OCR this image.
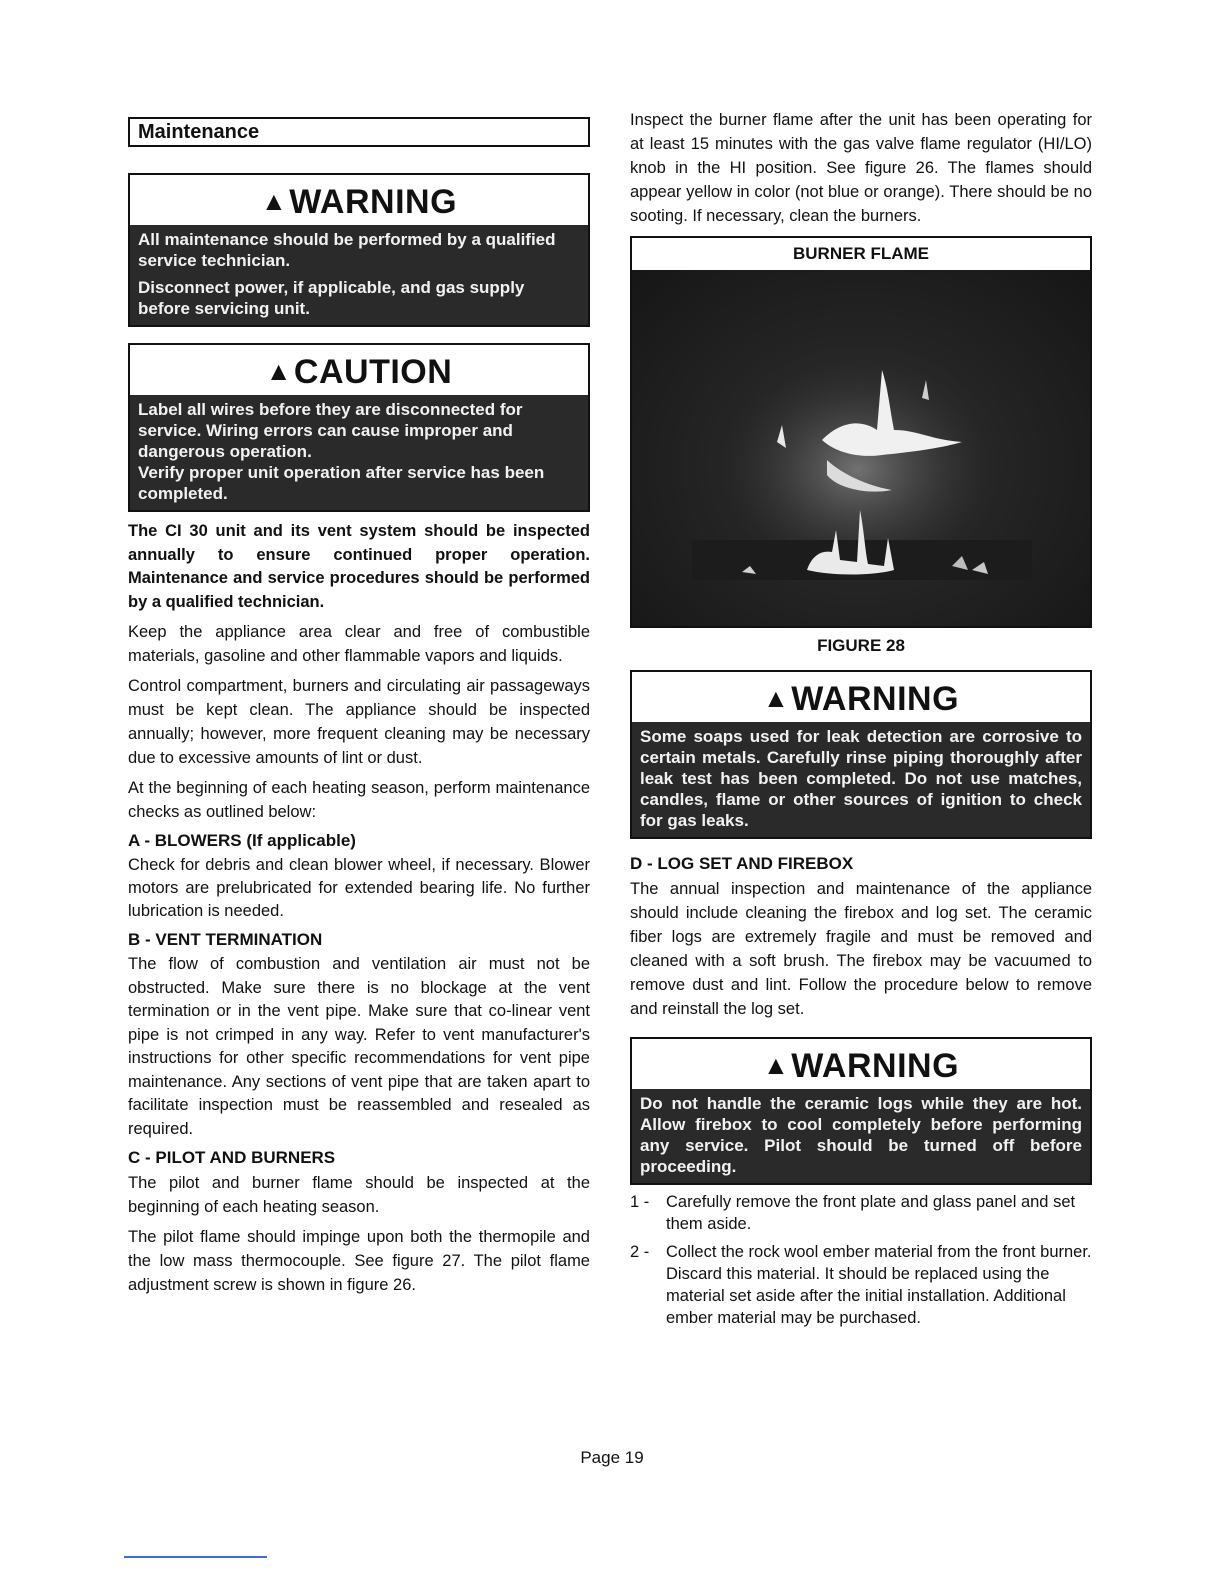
Maintenance
▲WARNING

All maintenance should be performed by a qualified service technician.

Disconnect power, if applicable, and gas supply before servicing unit.

▲CAUTION

Label all wires before they are disconnected for service. Wiring errors can cause improper and dangerous operation.

Verify proper unit operation after service has been completed.

The CI 30 unit and its vent system should be inspected annually to ensure continued proper operation. Maintenance and service procedures should be performed by a qualified technician.

Keep the appliance area clear and free of combustible materials, gasoline and other flammable vapors and liquids.

Control compartment, burners and circulating air passageways must be kept clean. The appliance should be inspected annually; however, more frequent cleaning may be necessary due to excessive amounts of lint or dust.

At the beginning of each heating season, perform maintenance checks as outlined below:

A - BLOWERS (If applicable)

Check for debris and clean blower wheel, if necessary. Blower motors are prelubricated for extended bearing life. No further lubrication is needed.

B - VENT TERMINATION

The flow of combustion and ventilation air must not be obstructed. Make sure there is no blockage at the vent termination or in the vent pipe. Make sure that co-linear vent pipe is not crimped in any way. Refer to vent manufacturer's instructions for other specific recommendations for vent pipe maintenance. Any sections of vent pipe that are taken apart to facilitate inspection must be reassembled and resealed as required.

C - PILOT AND BURNERS

The pilot and burner flame should be inspected at the beginning of each heating season.

The pilot flame should impinge upon both the thermopile and the low mass thermocouple. See figure 27. The pilot flame adjustment screw is shown in figure 26.

Inspect the burner flame after the unit has been operating for at least 15 minutes with the gas valve flame regulator (HI/LO) knob in the HI position. See figure 26. The flames should appear yellow in color (not blue or orange). There should be no sooting. If necessary, clean the burners.

BURNER FLAME
FIGURE 28
▲WARNING
Some soaps used for leak detection are corrosive to certain metals. Carefully rinse piping thoroughly after leak test has been completed. Do not use matches, candles, flame or other sources of ignition to check for gas leaks.

D - LOG SET AND FIREBOX

The annual inspection and maintenance of the appliance should include cleaning the firebox and log set. The ceramic fiber logs are extremely fragile and must be removed and cleaned with a soft brush. The firebox may be vacuumed to remove dust and lint. Follow the procedure below to remove and reinstall the log set.

▲WARNING
Do not handle the ceramic logs while they are hot. Allow firebox to cool completely before performing any service. Pilot should be turned off before proceeding.
1 - Carefully remove the front plate and glass panel and set them aside.
2 - Collect the rock wool ember material from the front burner. Discard this material. It should be replaced using the material set aside after the initial installation. Additional ember material may be purchased.
Page 19
